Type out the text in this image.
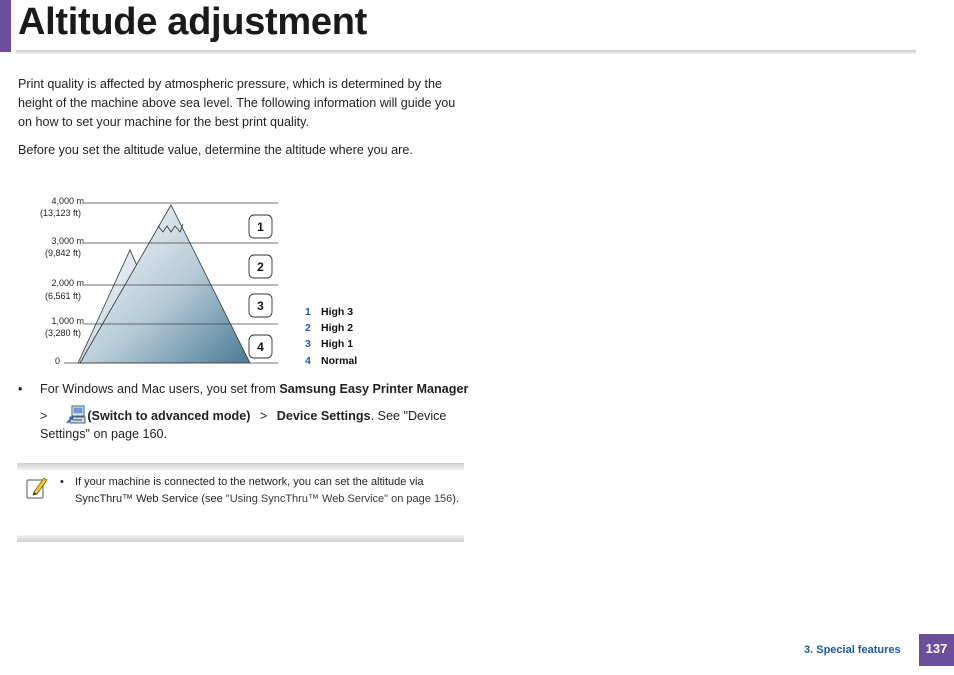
Altitude adjustment

Print quality is affected by atmospheric pressure, which is determined by the height of the machine above sea level. The following information will guide you on how to set your machine for the best print quality.

Before you set the altitude value, determine the altitude where you are.

4,000 m
(13,123 ft)
3,000 m
(9,842 ft)
2,000 m
(6,561 ft)
1,000 m
(3,280 ft)
0
1
2
3
4
1 High 3
2 High 2
3 High 1
4 Normal
• For Windows and Mac users, you set from Samsung Easy Printer Manager
>	(Switch to advanced mode) > Device Settings. See "Device
Settings" on page 160.
• If your machine is connected to the network, you can set the altitude via SyncThru™ Web Service (see "Using SyncThru™ Web Service" on page 156).
3. Special features	137
